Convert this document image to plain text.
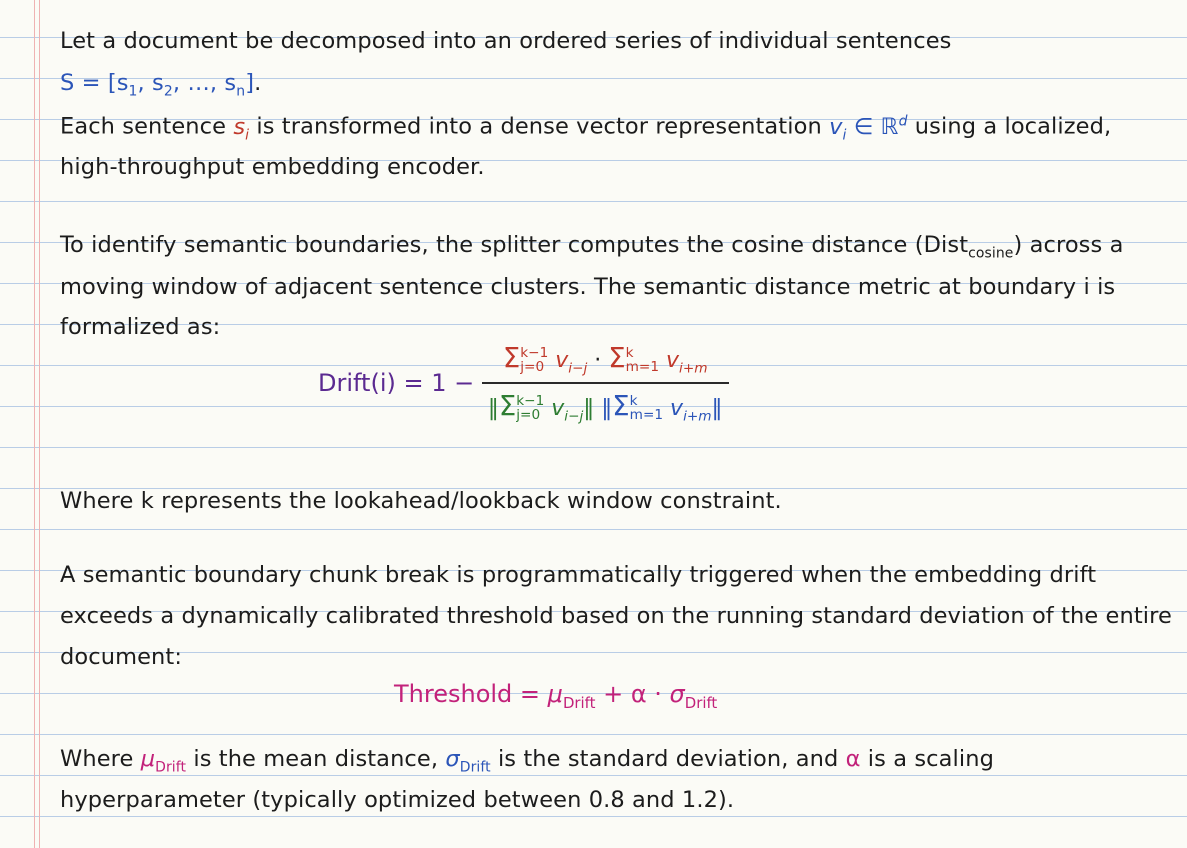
Let a document be decomposed into an ordered series of individual sentences
$S = [s_1$, $s_2$, …, $s_n$].
Each sentence $s_i$ is transformed into a dense vector representation $v_i$ ∈ ℝ$^d$ using a localized,
high-throughput embedding encoder.
To identify semantic boundaries, the splitter computes the cosine distance (Dist$_{cosine}$) across a
moving window of adjacent sentence clusters. The semantic distance metric at boundary i is
formalized as:
Drift(i) = 1 − Σ k−1
j=0 $v_{i-j} \cdot \Sigma$ k
m=1 $v_{i+m}$
‖Σ k−1
j=0 $v_{i-j}‖$ ‖Σ k
m=1 $v_{i+m}‖$
Where k represents the lookahead/lookback window constraint.
A semantic boundary chunk break is programmatically triggered when the embedding drift
exceeds a dynamically calibrated threshold based on the running standard deviation of the entire
document:
Threshold = $\mu_{Drift} + \alpha \cdot \sigma_{Drift}$
Where $\mu_{Drift}$ is the mean distance, $\sigma_{Drift}$ is the standard deviation, and α is a scaling
hyperparameter (typically optimized between 0.8 and 1.2).
